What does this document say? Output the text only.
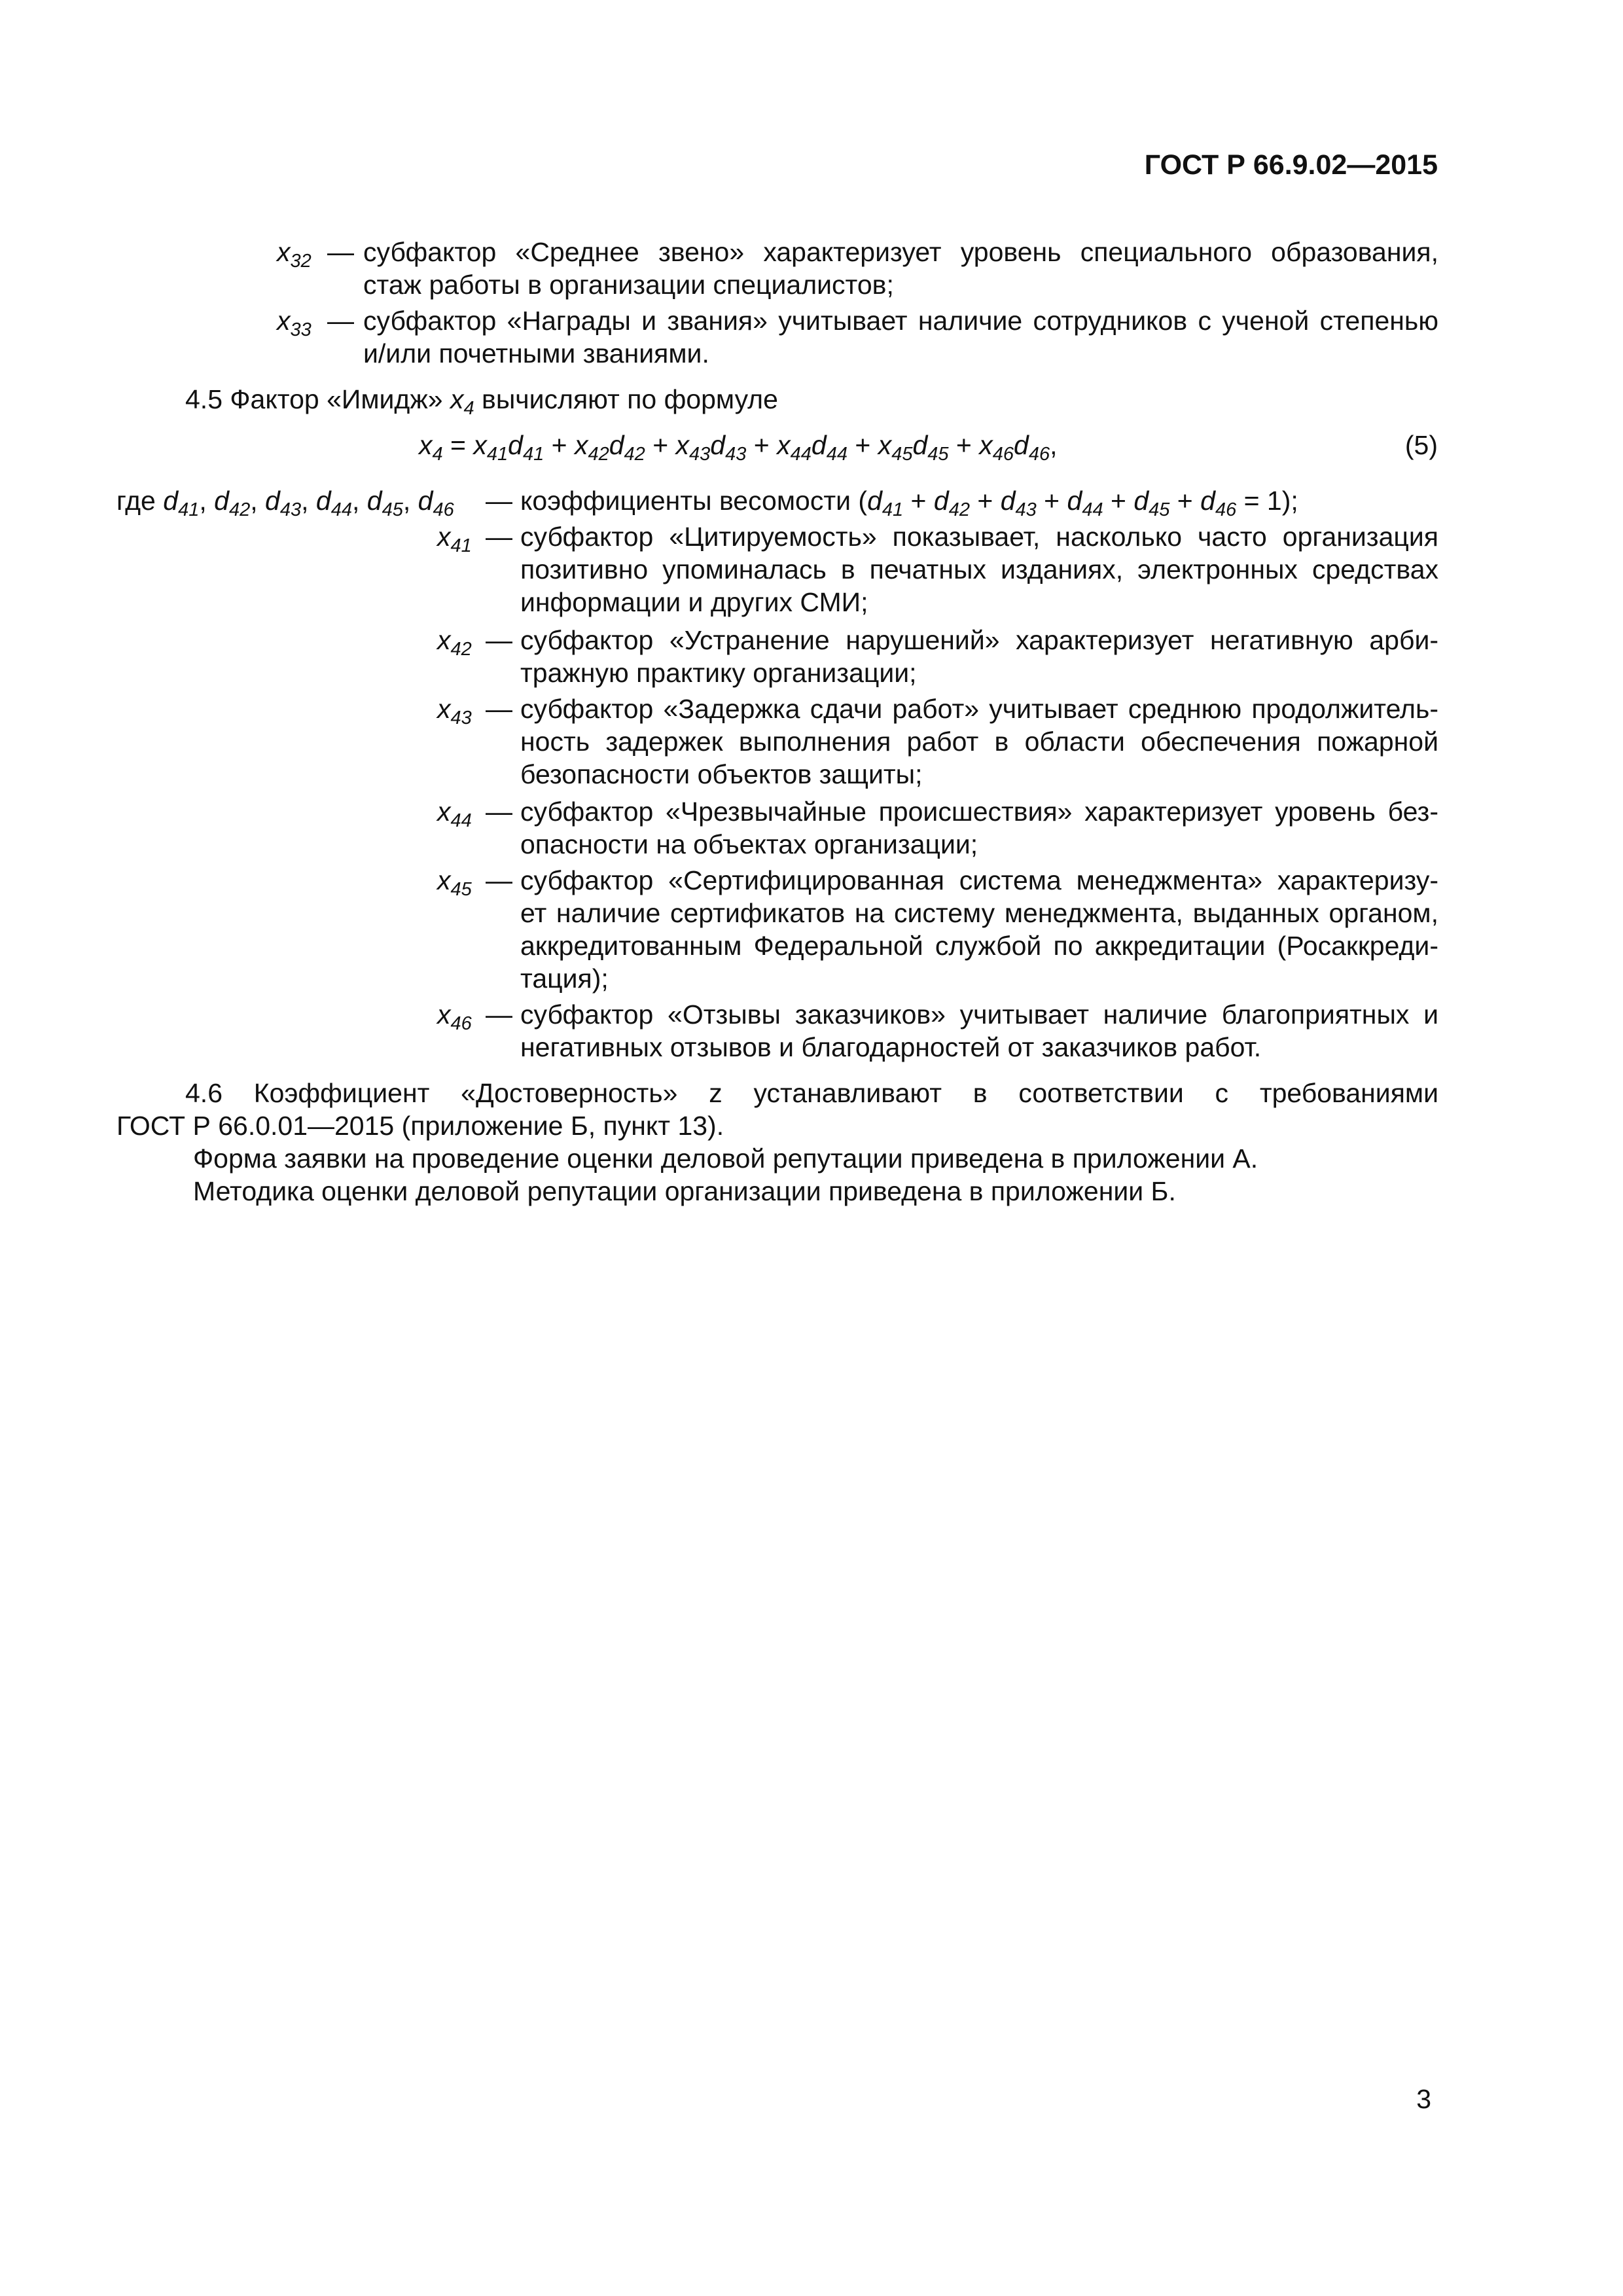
ГОСТ Р 66.9.02—2015
$x_{32}$ — субфактор «Среднее звено» характеризует уровень специального образования,
стаж работы в организации специалистов;
$x_{33}$ — субфактор «Награды и звания» учитывает наличие сотрудников с ученой степенью
и/или почетными званиями.
4.5 Фактор «Имидж» $x_4$ вычисляют по формуле
$x_4 = x_{41}d_{41} + x_{42}d_{42} + x_{43}d_{43} + x_{44}d_{44} + x_{45}d_{45} + x_{46}d_{46}$,	(5)
где $d_{41}$, $d_{42}$, $d_{43}$, $d_{44}$, $d_{45}$, $d_{46}$ — коэффициенты весомости $(d_{41} + d_{42} + d_{43} + d_{44} + d_{45} + d_{46} = 1)$;
$x_{41}$ — субфактор «Цитируемость» показывает, насколько часто организация
позитивно упоминалась в печатных изданиях, электронных средствах
информации и других СМИ;
$x_{42}$ — субфактор «Устранение нарушений» характеризует негативную арби-
тражную практику организации;
$x_{43}$ — субфактор «Задержка сдачи работ» учитывает среднюю продолжитель-
ность задержек выполнения работ в области обеспечения пожарной
безопасности объектов защиты;
$x_{44}$ — субфактор «Чрезвычайные происшествия» характеризует уровень без-
опасности на объектах организации;
$x_{45}$ — субфактор «Сертифицированная система менеджмента» характеризу-
ет наличие сертификатов на систему менеджмента, выданных органом,
аккредитованным Федеральной службой по аккредитации (Росаккреди-
тация);
$x_{46}$ — субфактор «Отзывы заказчиков» учитывает наличие благоприятных и
негативных отзывов и благодарностей от заказчиков работ.
4.6 Коэффициент «Достоверность» z устанавливают в соответствии с требованиями
ГОСТ Р 66.0.01—2015 (приложение Б, пункт 13).
Форма заявки на проведение оценки деловой репутации приведена в приложении А.
Методика оценки деловой репутации организации приведена в приложении Б.
3
